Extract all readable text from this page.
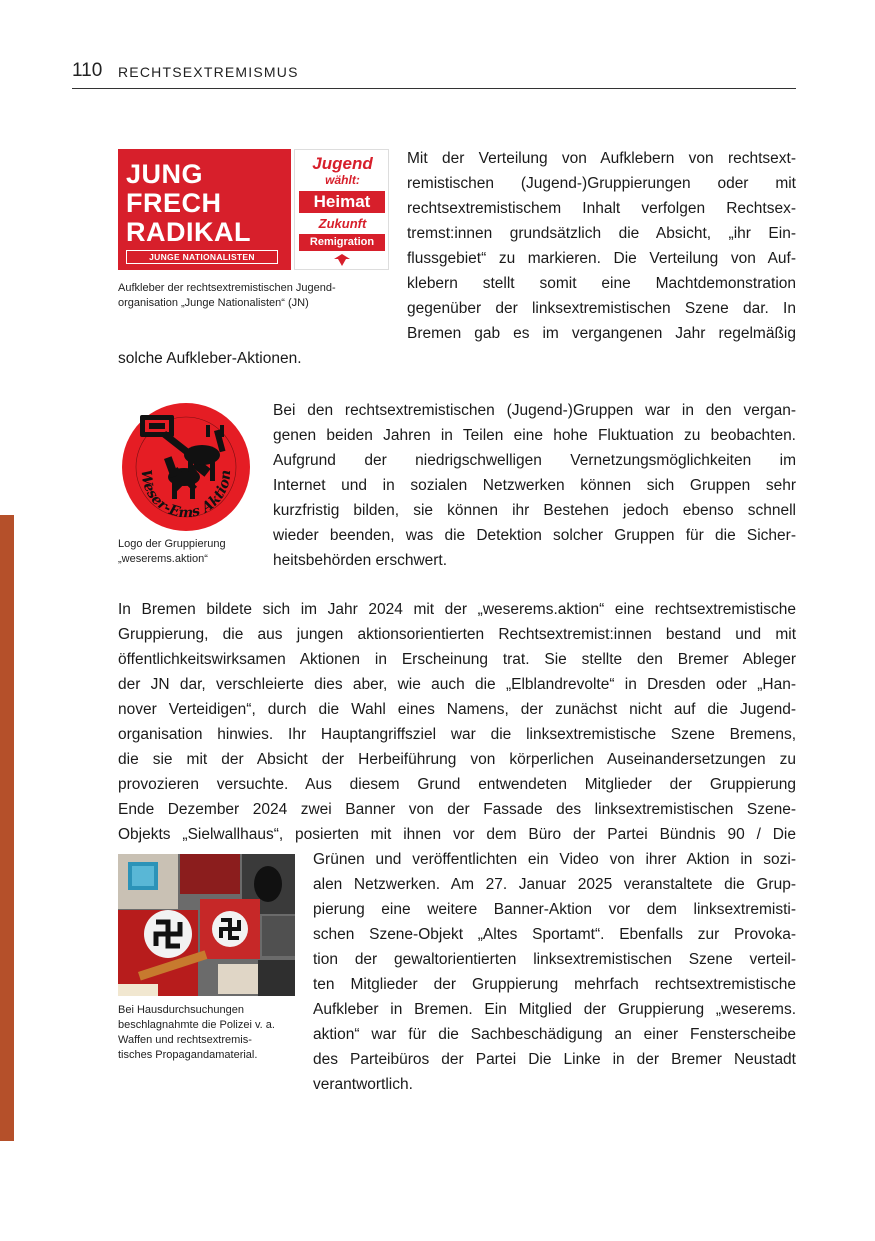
110 RECHTSEXTREMISMUS
JUNG
FRECH
RADIKAL
JUNGE NATIONALISTEN
Jugend
wählt:
Heimat
Zukunft
Remigration

Aufkleber der rechtsextremistischen Jugend-
organisation „Junge Nationalisten“ (JN)

Mit der Verteilung von Aufklebern von rechtsext-
remistischen (Jugend-)Gruppierungen oder mit
rechtsextremistischem Inhalt verfolgen Rechtsex-
tremst:innen grundsätzlich die Absicht, „ihr Ein-
flussgebiet“ zu markieren. Die Verteilung von Auf-
klebern stellt somit eine Machtdemonstration
gegenüber der linksextremistischen Szene dar. In
Bremen gab es im vergangenen Jahr regelmäßig
solche Aufkleber-Aktionen.
Weser-Ems Aktion

Logo der Gruppierung
„weserems.aktion“

Bei den rechtsextremistischen (Jugend-)Gruppen war in den vergan-
genen beiden Jahren in Teilen eine hohe Fluktuation zu beobachten.
Aufgrund der niedrigschwelligen Vernetzungsmöglichkeiten im
Internet und in sozialen Netzwerken können sich Gruppen sehr
kurzfristig bilden, sie können ihr Bestehen jedoch ebenso schnell
wieder beenden, was die Detektion solcher Gruppen für die Sicher-
heitsbehörden erschwert.
In Bremen bildete sich im Jahr 2024 mit der „weserems.aktion“ eine rechtsextremistische
Gruppierung, die aus jungen aktionsorientierten Rechtsextremist:innen bestand und mit
öffentlichkeitswirksamen Aktionen in Erscheinung trat. Sie stellte den Bremer Ableger
der JN dar, verschleierte dies aber, wie auch die „Elblandrevolte“ in Dresden oder „Han-
nover Verteidigen“, durch die Wahl eines Namens, der zunächst nicht auf die Jugend-
organisation hinwies. Ihr Hauptangriffsziel war die linksextremistische Szene Bremens,
die sie mit der Absicht der Herbeiführung von körperlichen Auseinandersetzungen zu
provozieren versuchte. Aus diesem Grund entwendeten Mitglieder der Gruppierung
Ende Dezember 2024 zwei Banner von der Fassade des linksextremistischen Szene-
Objekts „Sielwallhaus“, posierten mit ihnen vor dem Büro der Partei Bündnis 90 / Die

Bei Hausdurchsuchungen
beschlagnahmte die Polizei v. a.
Waffen und rechtsextremis-
tisches Propagandamaterial.

Grünen und veröffentlichten ein Video von ihrer Aktion in sozi-
alen Netzwerken. Am 27. Januar 2025 veranstaltete die Grup-
pierung eine weitere Banner-Aktion vor dem linksextremisti-
schen Szene-Objekt „Altes Sportamt“. Ebenfalls zur Provoka-
tion der gewaltorientierten linksextremistischen Szene verteil-
ten Mitglieder der Gruppierung mehrfach rechtsextremistische
Aufkleber in Bremen. Ein Mitglied der Gruppierung „weserems.
aktion“ war für die Sachbeschädigung an einer Fensterscheibe
des Parteibüros der Partei Die Linke in der Bremer Neustadt
verantwortlich.
